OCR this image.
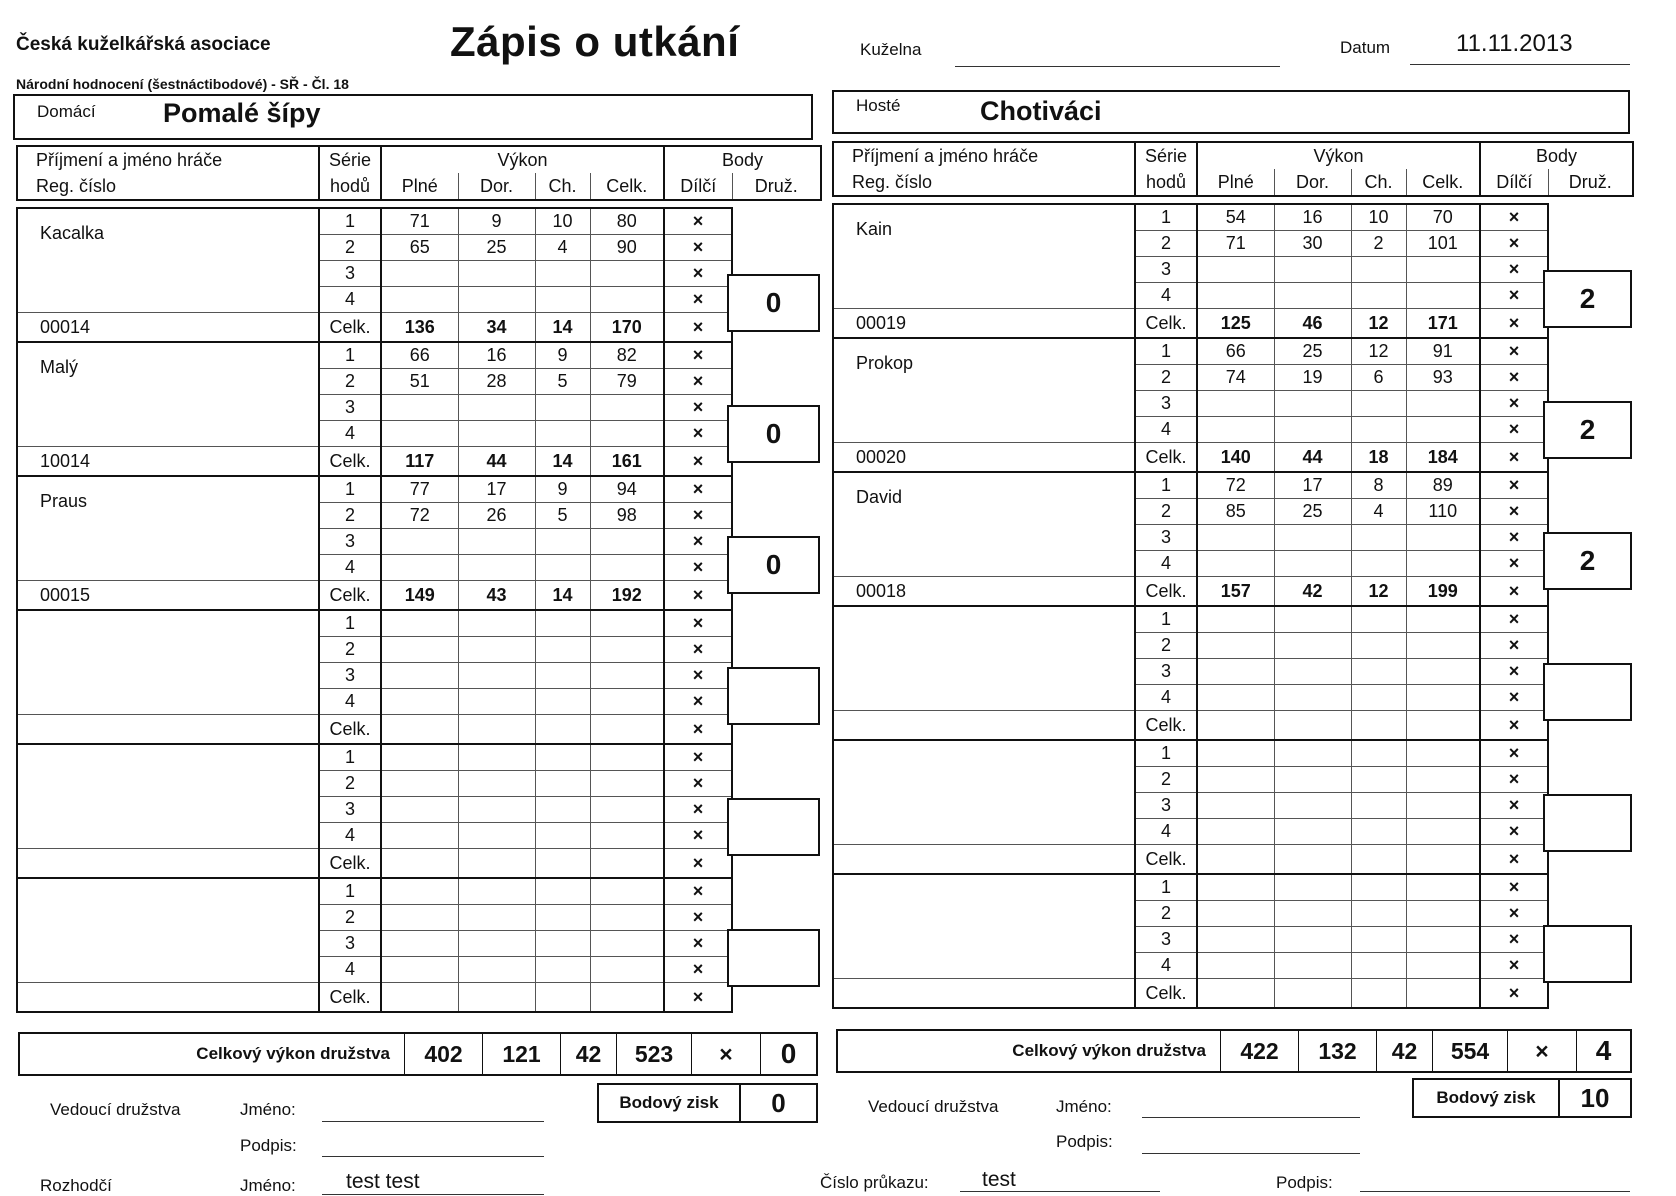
Česká kuželkářská asociace	Zápis o utkání	Kuželna	Datum	11.11.2013
Národní hodnocení (šestnáctibodové) - SŘ - Čl. 18
Domácí Pomalé šípy	Hosté	Chotiváci
Příjmení a jméno hráče	Série	Výkon				Body	
Reg. číslo	hodů	Plné	Dor.	Ch.	Celk.	Dílčí	Druž.
Kacalka	1	71	9	10	80	×
	2	65	25	4	90	×
	3					×
	4					×
00014	Celk.	136	34	14	170	×
Malý	1	66	16	9	82	×
	2	51	28	5	79	×
	3					×
	4					×
10014	Celk.	117	44	14	161	×
Praus	1	77	17	9	94	×
	2	72	26	5	98	×
	3					×
	4					×
00015	Celk.	149	43	14	192	×
	1					×
	2					×
	3					×
	4					×
	Celk.					×
	1					×
	2					×
	3					×
	4					×
	Celk.					×
	1					×
	2					×
	3					×
	4					×
	Celk.					×
0
0
0
Příjmení a jméno hráče	Série	Výkon				Body	
Reg. číslo	hodů	Plné	Dor.	Ch.	Celk.	Dílčí	Druž.
Kain	1	54	16	10	70	×
	2	71	30	2	101	×
	3					×
	4					×
00019	Celk.	125	46	12	171	×
Prokop	1	66	25	12	91	×
	2	74	19	6	93	×
	3					×
	4					×
00020	Celk.	140	44	18	184	×
David	1	72	17	8	89	×
	2	85	25	4	110	×
	3					×
	4					×
00018	Celk.	157	42	12	199	×
	1					×
	2					×
	3					×
	4					×
	Celk.					×
	1					×
	2					×
	3					×
	4					×
	Celk.					×
	1					×
	2					×
	3					×
	4					×
	Celk.					×
2
2
2
Celkový výkon družstva	402	121	42	523	×	0	Celkový výkon družstva	422	132	42	554	×	4
Bodový zisk	0	Bodový zisk	10
Vedoucí družstva	Jméno:
Podpis:
Vedoucí družstva	Jméno:
Podpis:
Rozhodčí	Jméno: test test	Číslo průkazu:	test	Podpis:
